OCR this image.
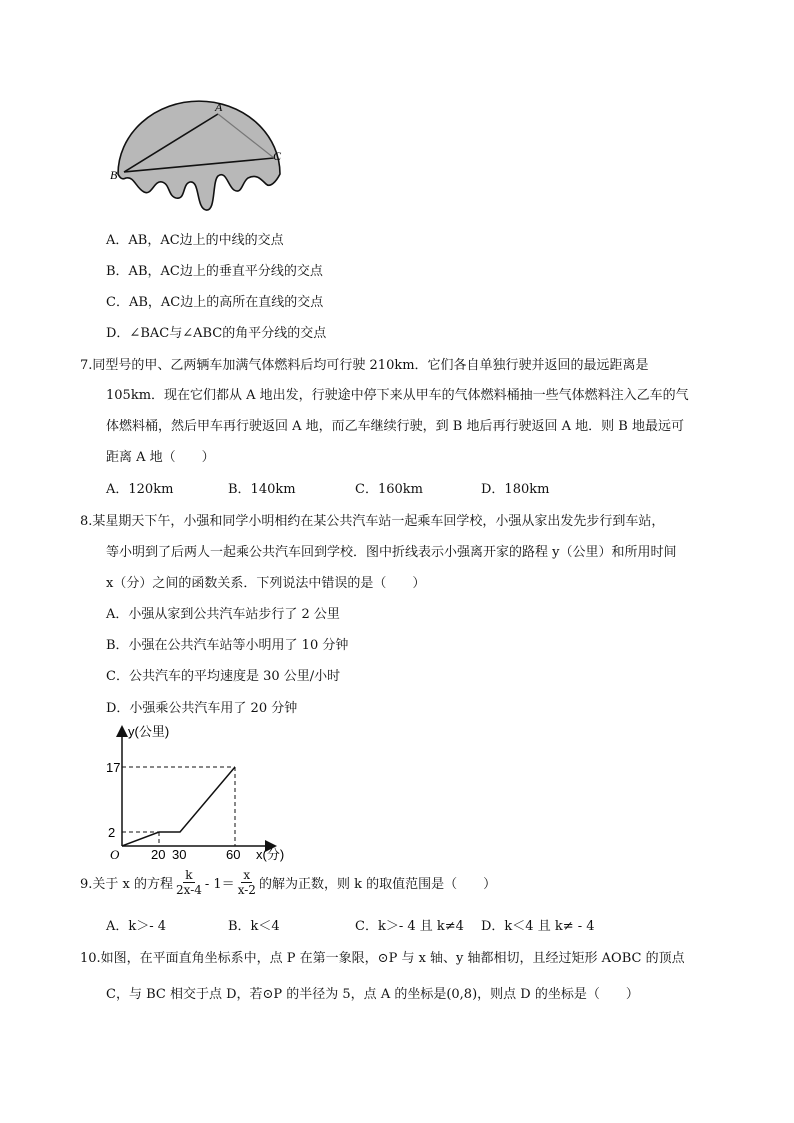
A
B
C
A．AB，AC边上的中线的交点
B．AB，AC边上的垂直平分线的交点
C．AB，AC边上的高所在直线的交点
D．∠BAC与∠ABC的角平分线的交点
7.同型号的甲、乙两辆车加满气体燃料后均可行驶 210km．它们各自单独行驶并返回的最远距离是
105km．现在它们都从 A 地出发，行驶途中停下来从甲车的气体燃料桶抽一些气体燃料注入乙车的气
体燃料桶，然后甲车再行驶返回 A 地，而乙车继续行驶，到 B 地后再行驶返回 A 地．则 B 地最远可
距离 A 地（　　）
A．120km	B．140km	C．160km	D．180km
8.某星期天下午，小强和同学小明相约在某公共汽车站一起乘车回学校，小强从家出发先步行到车站，
等小明到了后两人一起乘公共汽车回到学校．图中折线表示小强离开家的路程 y（公里）和所用时间
x（分）之间的函数关系．下列说法中错误的是（　　）
A．小强从家到公共汽车站步行了 2 公里
B．小强在公共汽车站等小明用了 10 分钟
C．公共汽车的平均速度是 30 公里/小时
D．小强乘公共汽车用了 20 分钟
y(公里)
x(分)
O
2
17
20 30	60
9.关于 x 的方程 $\frac{k}{2x-4} - 1= \frac{x}{x-2}$ 的解为正数，则 k 的取值范围是（　　）
A．k＞- 4	B．k＜4	C．k＞- 4 且 k≠4 D．k＜4 且 k≠ - 4
10.如图，在平面直角坐标系中，点 P 在第一象限，⊙P 与 x 轴、y 轴都相切，且经过矩形 AOBC 的顶点
C，与 BC 相交于点 D，若⊙P 的半径为 5，点 A 的坐标是(0,8)，则点 D 的坐标是（　　）
